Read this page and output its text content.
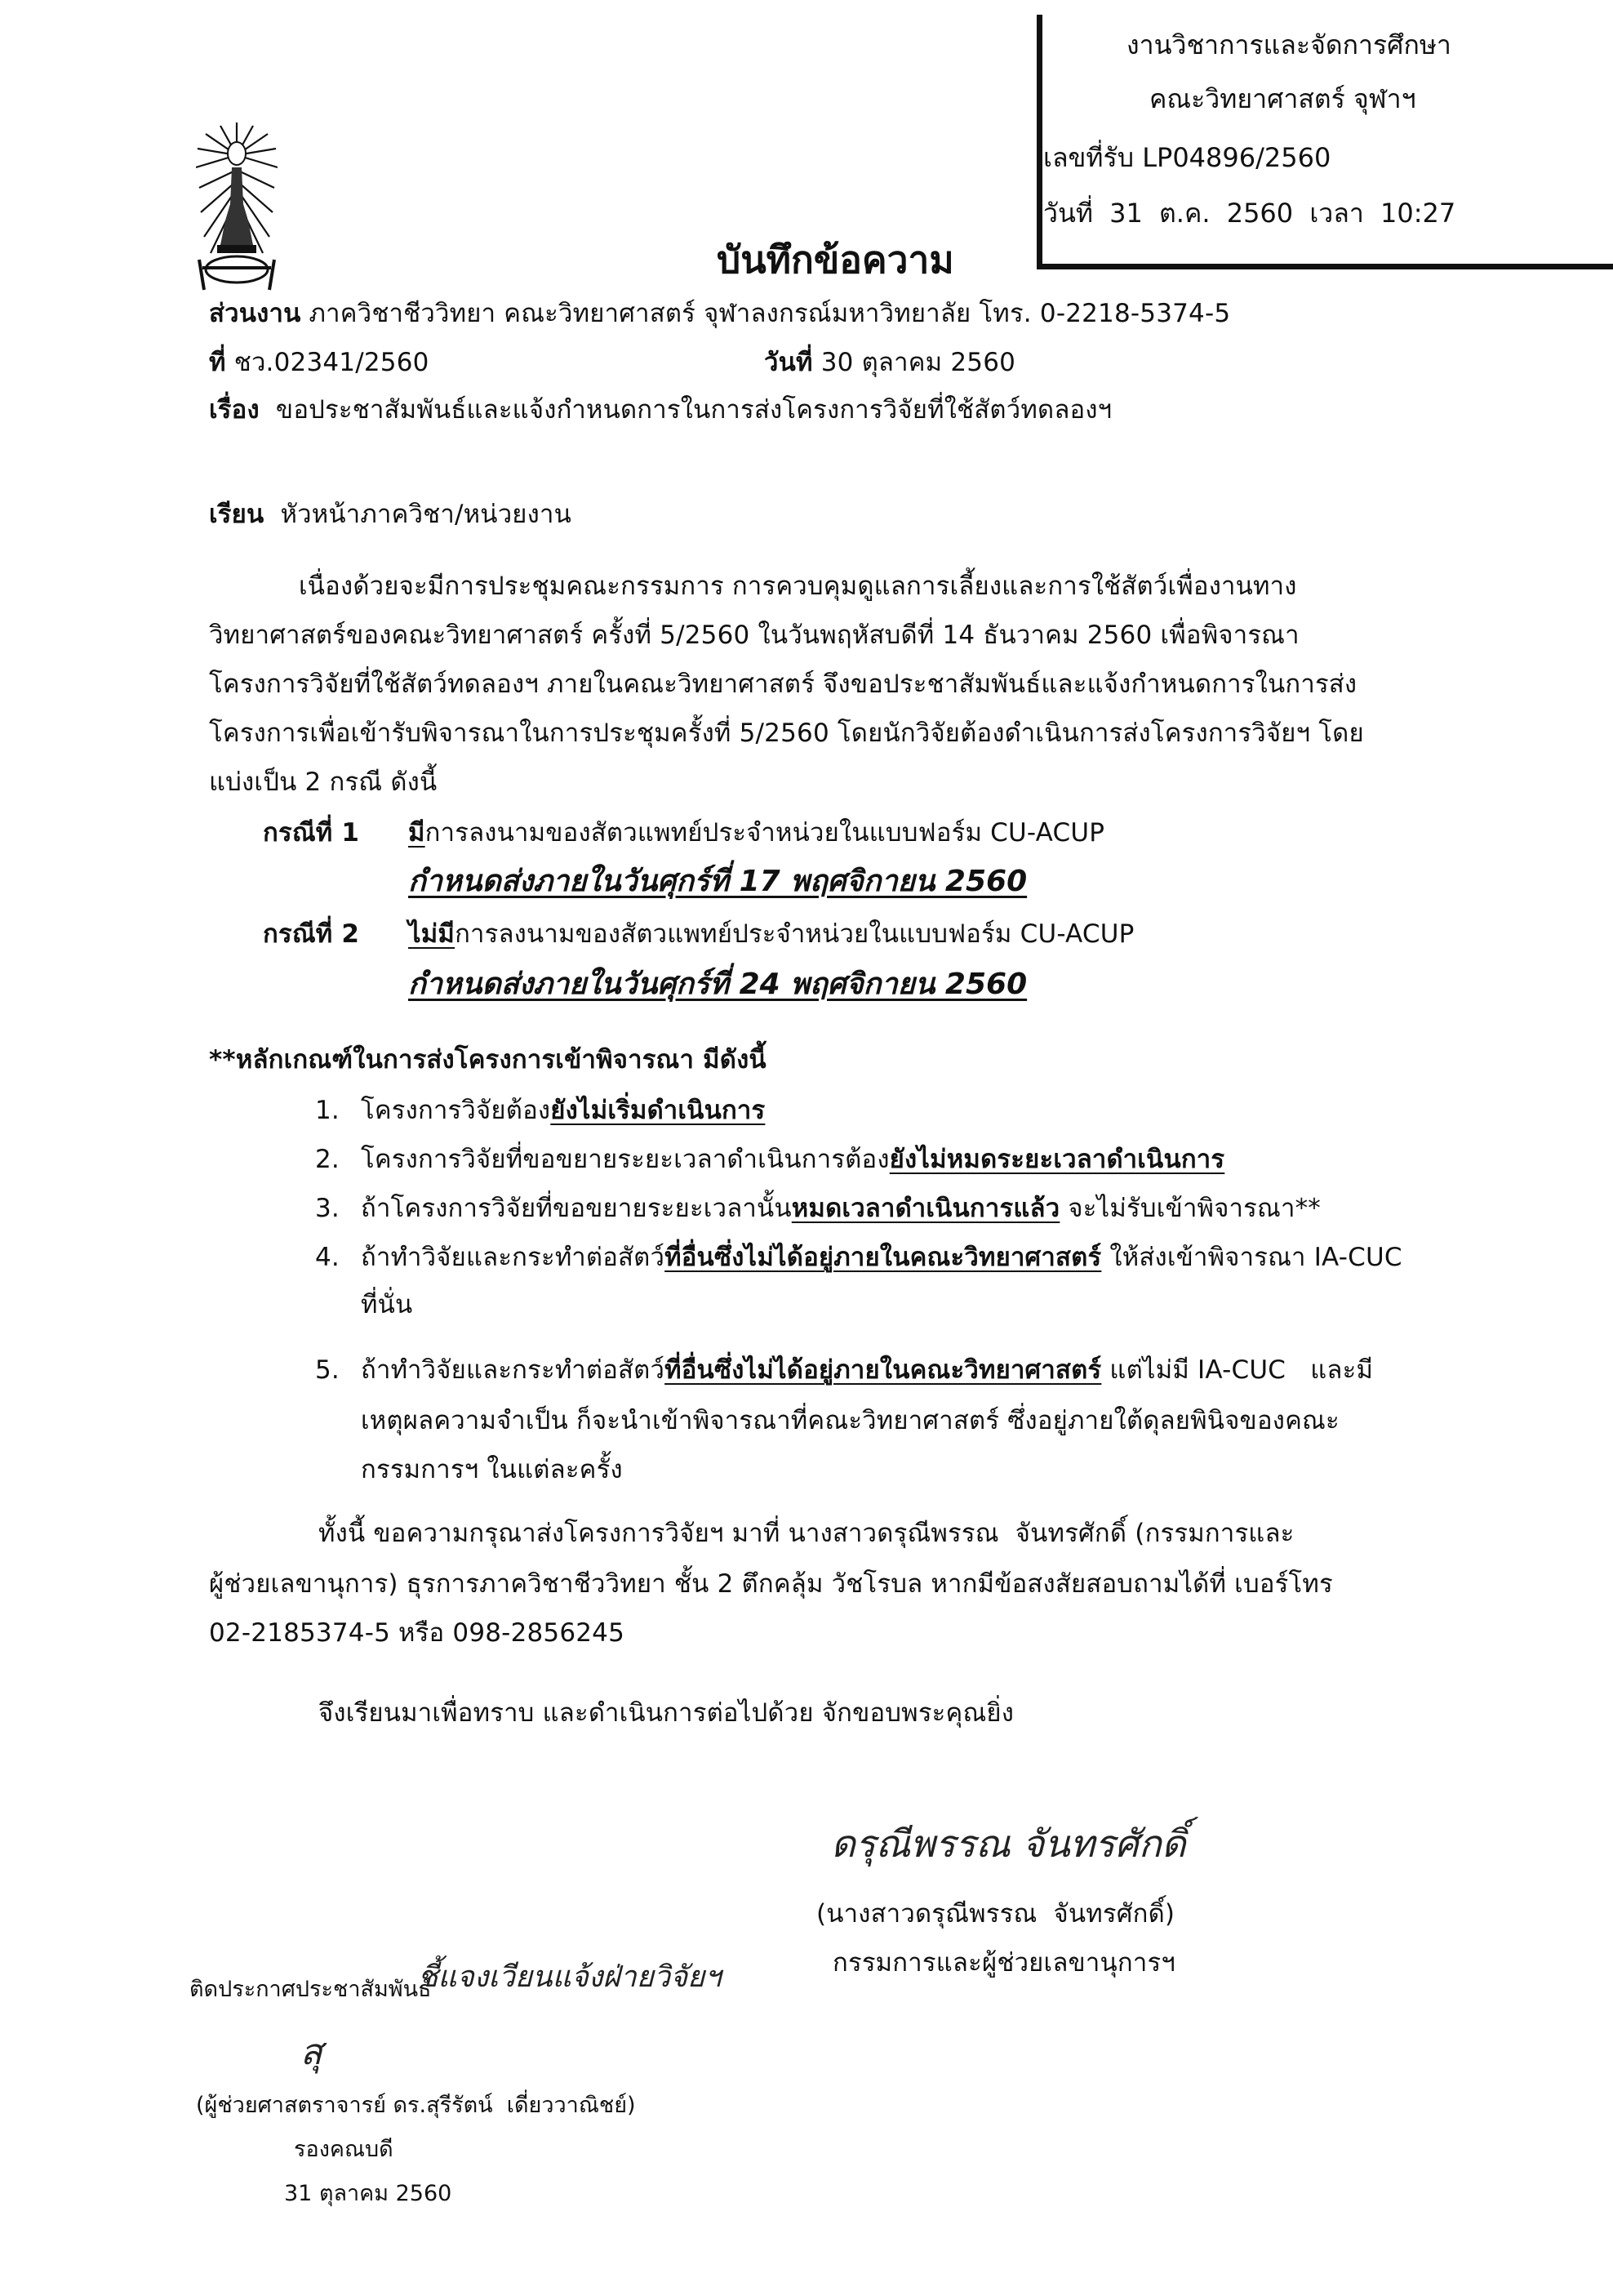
งานวิชาการและจัดการศึกษา
คณะวิทยาศาสตร์ จุฬาฯ
เลขที่รับ LP04896/2560
วันที่ 31 ต.ค. 2560 เวลา 10:27
บันทึกข้อความ
ส่วนงาน ภาควิชาชีววิทยา คณะวิทยาศาสตร์ จุฬาลงกรณ์มหาวิทยาลัย โทร. 0-2218-5374-5
ที่ ชว.02341/2560	วันที่ 30 ตุลาคม 2560
เรื่อง ขอประชาสัมพันธ์และแจ้งกำหนดการในการส่งโครงการวิจัยที่ใช้สัตว์ทดลองฯ
เรียน หัวหน้าภาควิชา/หน่วยงาน
เนื่องด้วยจะมีการประชุมคณะกรรมการ การควบคุมดูแลการเลี้ยงและการใช้สัตว์เพื่องานทาง
วิทยาศาสตร์ของคณะวิทยาศาสตร์ ครั้งที่ 5/2560 ในวันพฤหัสบดีที่ 14 ธันวาคม 2560 เพื่อพิจารณา
โครงการวิจัยที่ใช้สัตว์ทดลองฯ ภายในคณะวิทยาศาสตร์ จึงขอประชาสัมพันธ์และแจ้งกำหนดการในการส่ง
โครงการเพื่อเข้ารับพิจารณาในการประชุมครั้งที่ 5/2560 โดยนักวิจัยต้องดำเนินการส่งโครงการวิจัยฯ โดย
แบ่งเป็น 2 กรณี ดังนี้
กรณีที่ 1 มีการลงนามของสัตวแพทย์ประจำหน่วยในแบบฟอร์ม CU-ACUP
กำหนดส่งภายในวันศุกร์ที่ 17 พฤศจิกายน 2560
กรณีที่ 2 ไม่มีการลงนามของสัตวแพทย์ประจำหน่วยในแบบฟอร์ม CU-ACUP
กำหนดส่งภายในวันศุกร์ที่ 24 พฤศจิกายน 2560
**หลักเกณฑ์ในการส่งโครงการเข้าพิจารณา มีดังนี้
1. โครงการวิจัยต้องยังไม่เริ่มดำเนินการ
2. โครงการวิจัยที่ขอขยายระยะเวลาดำเนินการต้องยังไม่หมดระยะเวลาดำเนินการ
3. ถ้าโครงการวิจัยที่ขอขยายระยะเวลานั้นหมดเวลาดำเนินการแล้ว จะไม่รับเข้าพิจารณา**
4. ถ้าทำวิจัยและกระทำต่อสัตว์ที่อื่นซึ่งไม่ได้อยู่ภายในคณะวิทยาศาสตร์ ให้ส่งเข้าพิจารณา IA-CUC
ที่นั่น
5. ถ้าทำวิจัยและกระทำต่อสัตว์ที่อื่นซึ่งไม่ได้อยู่ภายในคณะวิทยาศาสตร์ แต่ไม่มี IA-CUC   และมี
เหตุผลความจำเป็น ก็จะนำเข้าพิจารณาที่คณะวิทยาศาสตร์ ซึ่งอยู่ภายใต้ดุลยพินิจของคณะ
กรรมการฯ ในแต่ละครั้ง
ทั้งนี้ ขอความกรุณาส่งโครงการวิจัยฯ มาที่ นางสาวดรุณีพรรณ  จันทรศักดิ์ (กรรมการและ
ผู้ช่วยเลขานุการ) ธุรการภาควิชาชีววิทยา ชั้น 2 ตึกคลุ้ม วัชโรบล หากมีข้อสงสัยสอบถามได้ที่ เบอร์โทร
02-2185374-5 หรือ 098-2856245
จึงเรียนมาเพื่อทราบ และดำเนินการต่อไปด้วย จักขอบพระคุณยิ่ง
ดรุณีพรรณ จันทรศักดิ์
(นางสาวดรุณีพรรณ  จันทรศักดิ์)
กรรมการและผู้ช่วยเลขานุการฯ
ติดประกาศประชาสัมพันธ์
ชี้แจงเวียนแจ้งฝ่ายวิจัยฯ
สุ
(ผู้ช่วยศาสตราจารย์ ดร.สุรีรัตน์  เดี่ยววาณิชย์)
รองคณบดี
31 ตุลาคม 2560
